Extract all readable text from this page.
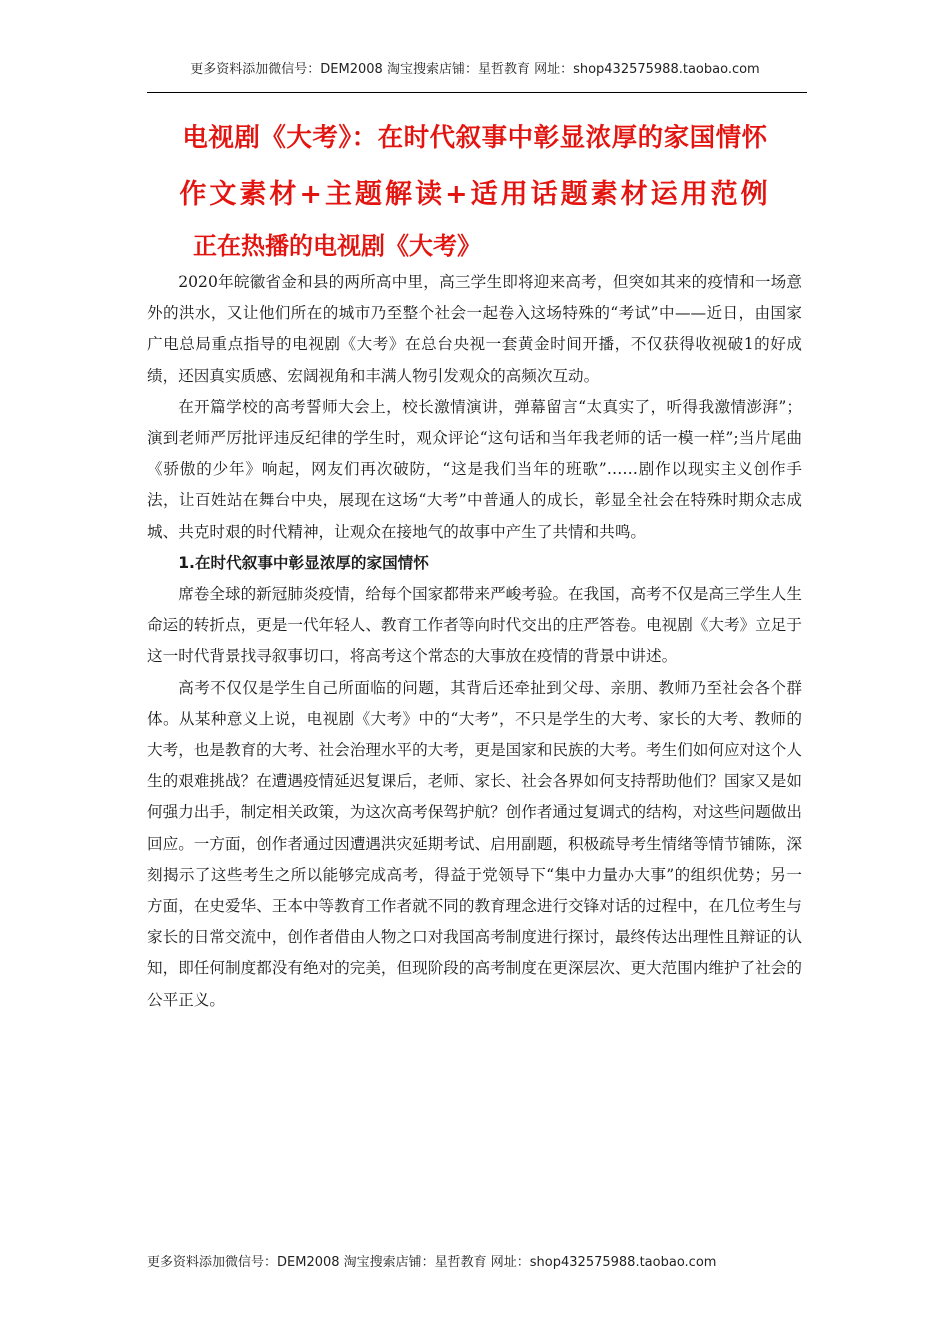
更多资料添加微信号：DEM2008 淘宝搜索店铺：星哲教育 网址：shop432575988.taobao.com
电视剧《大考》：在时代叙事中彰显浓厚的家国情怀
作文素材+主题解读+适用话题素材运用范例
正在热播的电视剧《大考》

2020年皖徽省金和县的两所高中里，高三学生即将迎来高考，但突如其来的疫情和一场意外的洪水，又让他们所在的城市乃至整个社会一起卷入这场特殊的“考试”中——近日，由国家广电总局重点指导的电视剧《大考》在总台央视一套黄金时间开播，不仅获得收视破1的好成绩，还因真实质感、宏阔视角和丰满人物引发观众的高频次互动。

在开篇学校的高考誓师大会上，校长激情演讲，弹幕留言“太真实了，听得我激情澎湃”；演到老师严厉批评违反纪律的学生时，观众评论“这句话和当年我老师的话一模一样”;当片尾曲《骄傲的少年》响起，网友们再次破防，“这是我们当年的班歌”……剧作以现实主义创作手法，让百姓站在舞台中央，展现在这场“大考”中普通人的成长，彰显全社会在特殊时期众志成城、共克时艰的时代精神，让观众在接地气的故事中产生了共情和共鸣。

1.在时代叙事中彰显浓厚的家国情怀

席卷全球的新冠肺炎疫情，给每个国家都带来严峻考验。在我国，高考不仅是高三学生人生命运的转折点，更是一代年轻人、教育工作者等向时代交出的庄严答卷。电视剧《大考》立足于这一时代背景找寻叙事切口，将高考这个常态的大事放在疫情的背景中讲述。

高考不仅仅是学生自己所面临的问题，其背后还牵扯到父母、亲朋、教师乃至社会各个群体。从某种意义上说，电视剧《大考》中的“大考”，不只是学生的大考、家长的大考、教师的大考，也是教育的大考、社会治理水平的大考，更是国家和民族的大考。考生们如何应对这个人生的艰难挑战？在遭遇疫情延迟复课后，老师、家长、社会各界如何支持帮助他们？国家又是如何强力出手，制定相关政策，为这次高考保驾护航？创作者通过复调式的结构，对这些问题做出回应。一方面，创作者通过因遭遇洪灾延期考试、启用副题，积极疏导考生情绪等情节铺陈，深刻揭示了这些考生之所以能够完成高考，得益于党领导下“集中力量办大事”的组织优势；另一方面，在史爱华、王本中等教育工作者就不同的教育理念进行交锋对话的过程中，在几位考生与家长的日常交流中，创作者借由人物之口对我国高考制度进行探讨，最终传达出理性且辩证的认知，即任何制度都没有绝对的完美，但现阶段的高考制度在更深层次、更大范围内维护了社会的公平正义。

更多资料添加微信号：DEM2008 淘宝搜索店铺：星哲教育 网址：shop432575988.taobao.com
